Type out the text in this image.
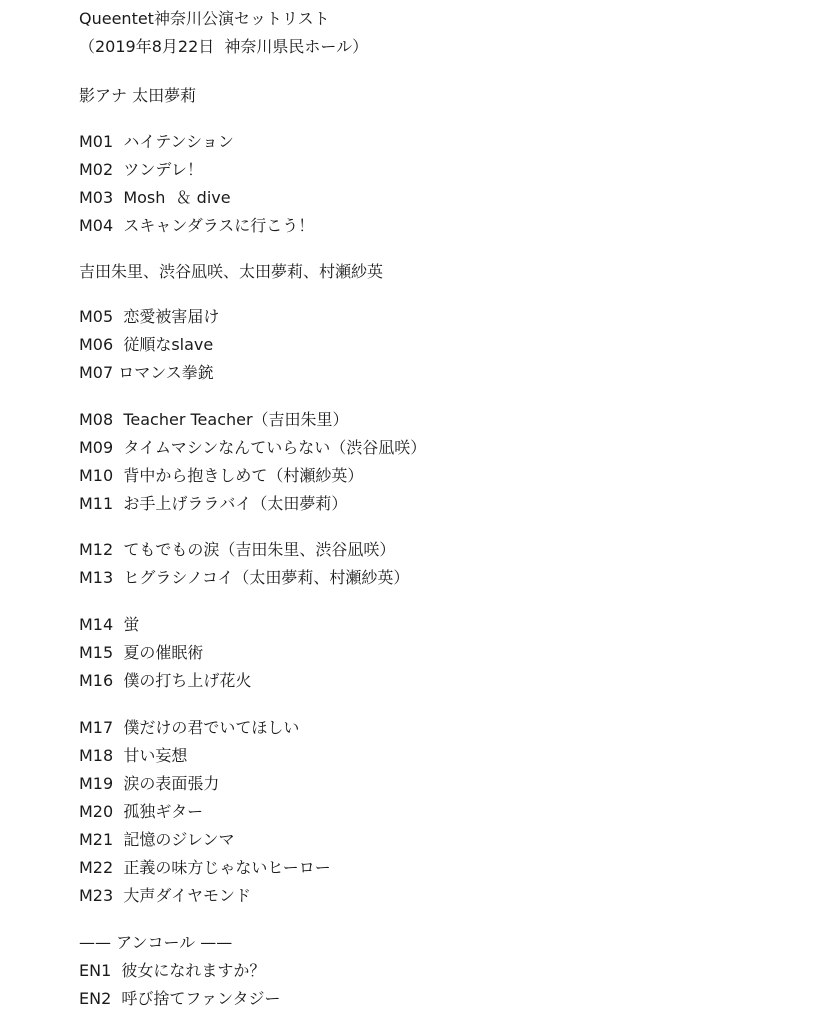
Queentet神奈川公演セットリスト
（2019年8月22日  神奈川県民ホール）
影アナ 太田夢莉
M01  ハイテンション
M02  ツンデレ！
M03  Mosh  ＆ dive
M04  スキャンダラスに行こう！
吉田朱里、渋谷凪咲、太田夢莉、村瀬紗英
M05  恋愛被害届け
M06  従順なslave
M07 ロマンス拳銃
M08  Teacher Teacher（吉田朱里）
M09  タイムマシンなんていらない（渋谷凪咲）
M10  背中から抱きしめて（村瀬紗英）
M11  お手上げララバイ（太田夢莉）
M12  てもでもの涙（吉田朱里、渋谷凪咲）
M13  ヒグラシノコイ（太田夢莉、村瀬紗英）
M14  蛍
M15  夏の催眠術
M16  僕の打ち上げ花火
M17  僕だけの君でいてほしい
M18  甘い妄想
M19  涙の表面張力
M20  孤独ギター
M21  記憶のジレンマ
M22  正義の味方じゃないヒーロー
M23  大声ダイヤモンド
—— アンコール ——
EN1  彼女になれますか？
EN2  呼び捨てファンタジー
